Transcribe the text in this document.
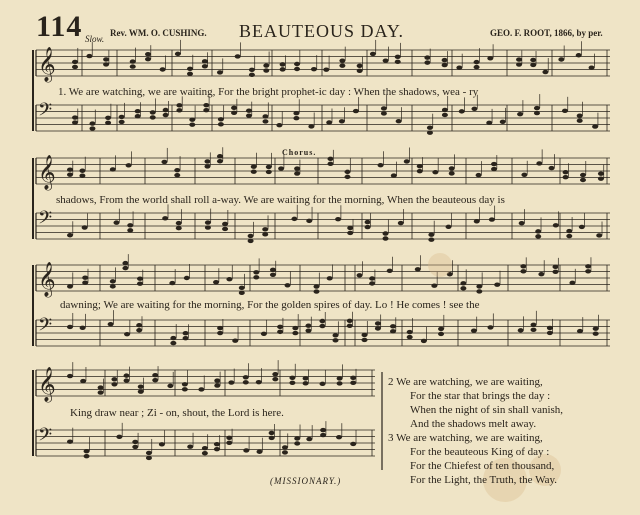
114 Slow.
Rev. WM. O. CUSHING. BEAUTEOUS DAY.	GEO. F. ROOT, 1866, by per.
𝄞
𝄢
𝄞
𝄢
𝄞
𝄢
𝄞
𝄢
Chorus.
1. We are watching, we are waiting, For the bright prophet-ic day : When the shadows, wea - ry
shadows, From the world shall roll a-way. We are waiting for the morning, When the beauteous day is
dawning; We are waiting for the morning, For the golden spires of day. Lo ! He comes ! see the
King draw near ; Zi - on, shout, the Lord is here.
2 We are watching, we are waiting,
For the star that brings the day :
When the night of sin shall vanish,
And the shadows melt away.
3 We are watching, we are waiting,
For the beauteous King of day :
For the Chiefest of ten thousand,
For the Light, the Truth, the Way.
(MISSIONARY.)
